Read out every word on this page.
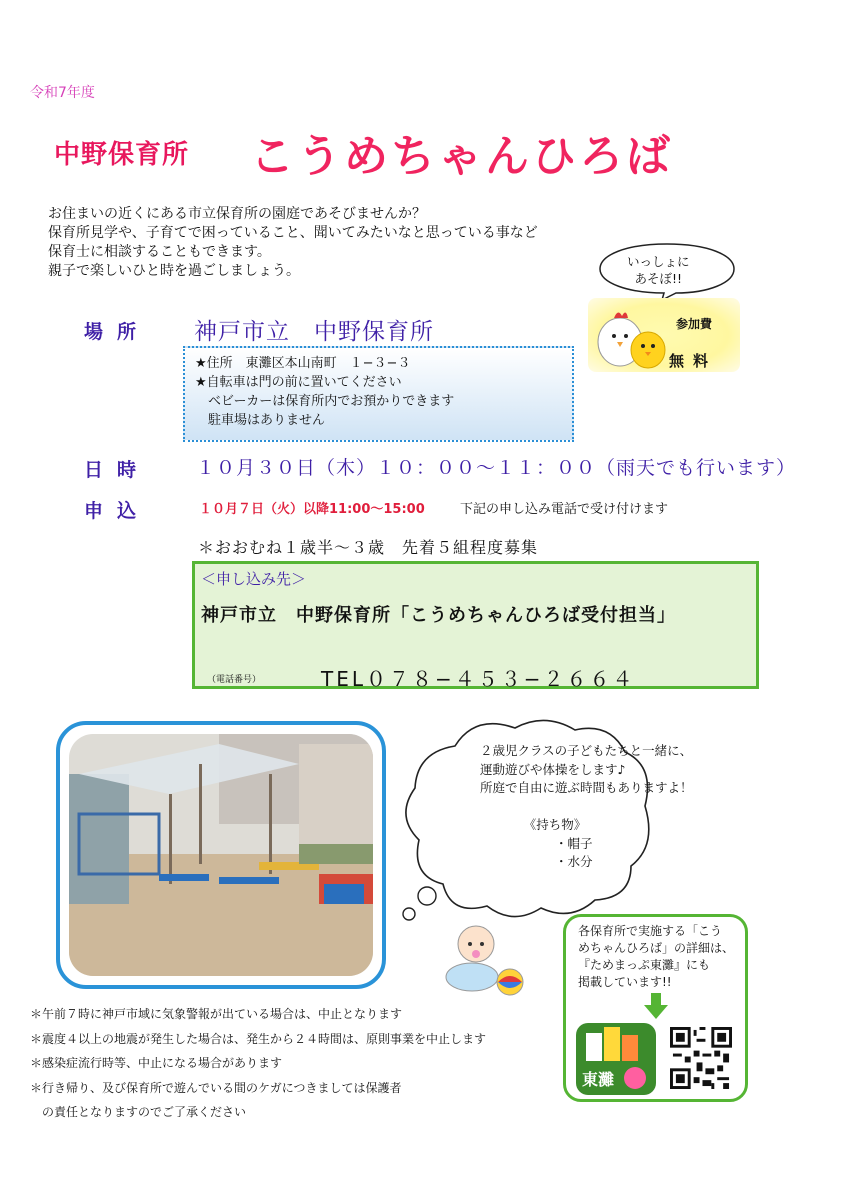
令和7年度
中野保育所 こうめちゃんひろば
お住まいの近くにある市立保育所の園庭であそびませんか？
保育所見学や、子育てで困っていること、聞いてみたいなと思っている事など
保育士に相談することもできます。
親子で楽しいひと時を過ごしましょう。
いっしょに
あそぼ!!
参加費
無料
場所 神戸市立　中野保育所
★住所　東灘区本山南町　１−３−３
★自転車は門の前に置いてください
　ベビーカーは保育所内でお預かりできます
　駐車場はありません
日時 １０月３０日（木）１０：００〜１１：００（雨天でも行います）
申込	１０月７日（火）以降11:00〜15:00	下記の申し込み電話で受け付けます
＊おおむね１歳半〜３歳　先着５組程度募集
＜申し込み先＞
神戸市立　中野保育所「こうめちゃんひろば受付担当」
（電話番号）	TEL０７８−４５３−２６６４
２歳児クラスの子どもたちと一緒に、
運動遊びや体操をします♪
所庭で自由に遊ぶ時間もありますよ！

　　　　《持ち物》
　　　　　　・帽子
　　　　　　・水分
各保育所で実施する「こう
めちゃんひろば」の詳細は、
『ためまっぷ東灘』にも
掲載しています!!
東灘
＊午前７時に神戸市域に気象警報が出ている場合は、中止となります
＊震度４以上の地震が発生した場合は、発生から２４時間は、原則事業を中止します
＊感染症流行時等、中止になる場合があります
＊行き帰り、及び保育所で遊んでいる間のケガにつきましては保護者
　の責任となりますのでご了承ください
